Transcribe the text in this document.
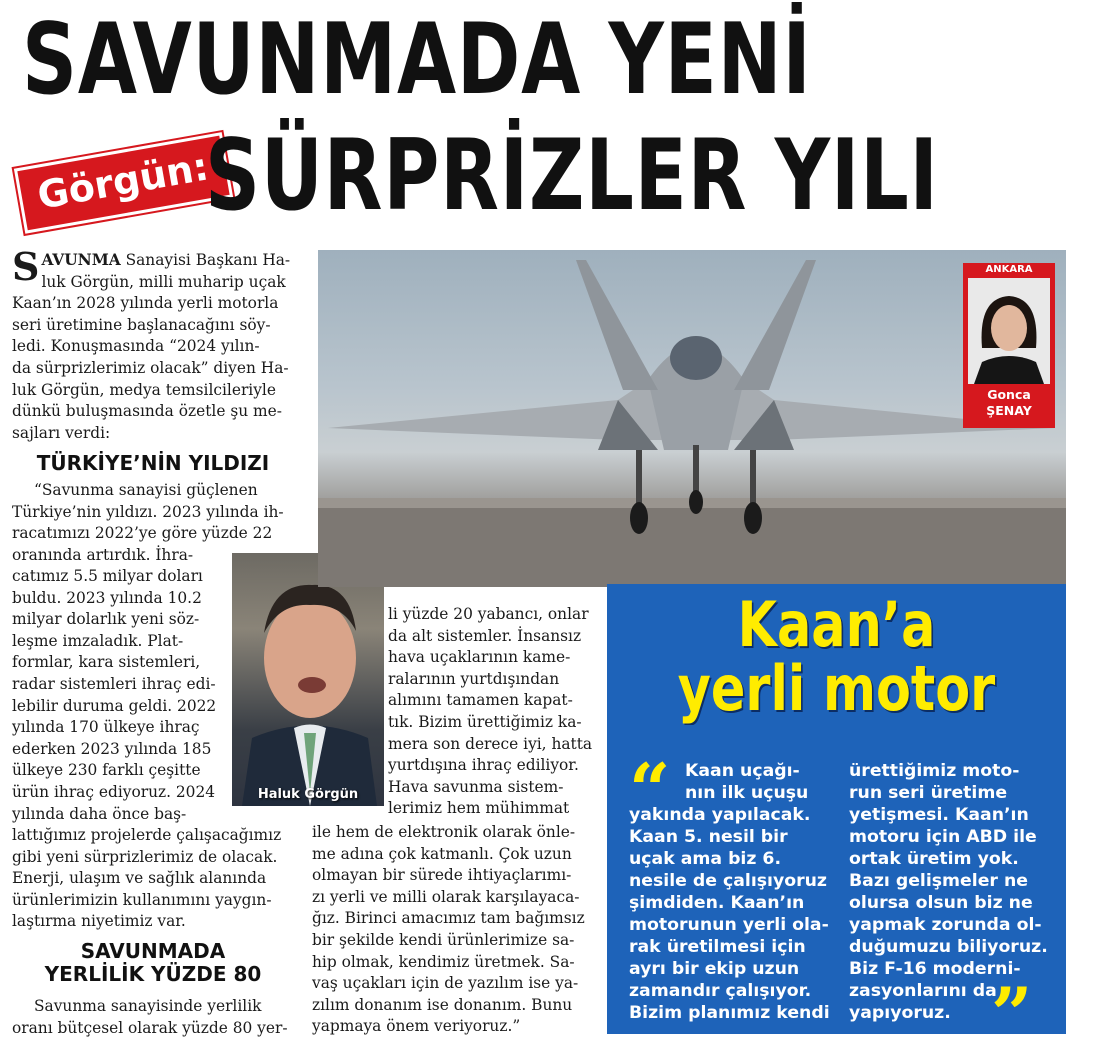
SAVUNMADA YENİ
Görgün:
SÜRPRİZLER YILI
SAVUNMA Sanayisi Başkanı Ha-
luk Görgün, milli muharip uçak
Kaan’ın 2028 yılında yerli motorla
seri üretimine başlanacağını söy-
ledi. Konuşmasında “2024 yılın-
da sürprizlerimiz olacak” diyen Ha-
luk Görgün, medya temsilcileriyle
dünkü buluşmasında özetle şu me-
sajları verdi:
TÜRKİYE’NİN YILDIZI
“Savunma sanayisi güçlenen
Türkiye’nin yıldızı. 2023 yılında ih-
racatımızı 2022’ye göre yüzde 22
oranında artırdık. İhra-
catımız 5.5 milyar doları
buldu. 2023 yılında 10.2
milyar dolarlık yeni söz-
leşme imzaladık. Plat-
formlar, kara sistemleri,
radar sistemleri ihraç edi-
lebilir duruma geldi. 2022
yılında 170 ülkeye ihraç
ederken 2023 yılında 185
ülkeye 230 farklı çeşitte
ürün ihraç ediyoruz. 2024
yılında daha önce baş-
lattığımız projelerde çalışacağımız
gibi yeni sürprizlerimiz de olacak.
Enerji, ulaşım ve sağlık alanında
ürünlerimizin kullanımını yaygın-
laştırma niyetimiz var.
SAVUNMADA
YERLİLİK YÜZDE 80
Savunma sanayisinde yerlilik
oranı bütçesel olarak yüzde 80 yer-
Haluk Görgün
li yüzde 20 yabancı, onlar
da alt sistemler. İnsansız
hava uçaklarının kame-
ralarının yurtdışından
alımını tamamen kapat-
tık. Bizim ürettiğimiz ka-
mera son derece iyi, hatta
yurtdışına ihraç ediliyor.
Hava savunma sistem-
lerimiz hem mühimmat
ile hem de elektronik olarak önle-
me adına çok katmanlı. Çok uzun
olmayan bir sürede ihtiyaçlarımı-
zı yerli ve milli olarak karşılayaca-
ğız. Birinci amacımız tam bağımsız
bir şekilde kendi ürünlerimize sa-
hip olmak, kendimiz üretmek. Sa-
vaş uçakları için de yazılım ise ya-
zılım donanım ise donanım. Bunu
yapmaya önem veriyoruz.”
ANKARA
Gonca
ŞENAY
Kaan’a
yerli motor
“ Kaan uçağı-
nın ilk uçuşu
yakında yapılacak.
Kaan 5. nesil bir
uçak ama biz 6.
nesile de çalışıyoruz
şimdiden. Kaan’ın
motorunun yerli ola-
rak üretilmesi için
ayrı bir ekip uzun
zamandır çalışıyor.
Bizim planımız kendi
ürettiğimiz moto-
run seri üretime
yetişmesi. Kaan’ın
motoru için ABD ile
ortak üretim yok.
Bazı gelişmeler ne
olursa olsun biz ne
yapmak zorunda ol-
duğumuzu biliyoruz.
Biz F-16 moderni-
zasyonlarını da
yapıyoruz. ”
